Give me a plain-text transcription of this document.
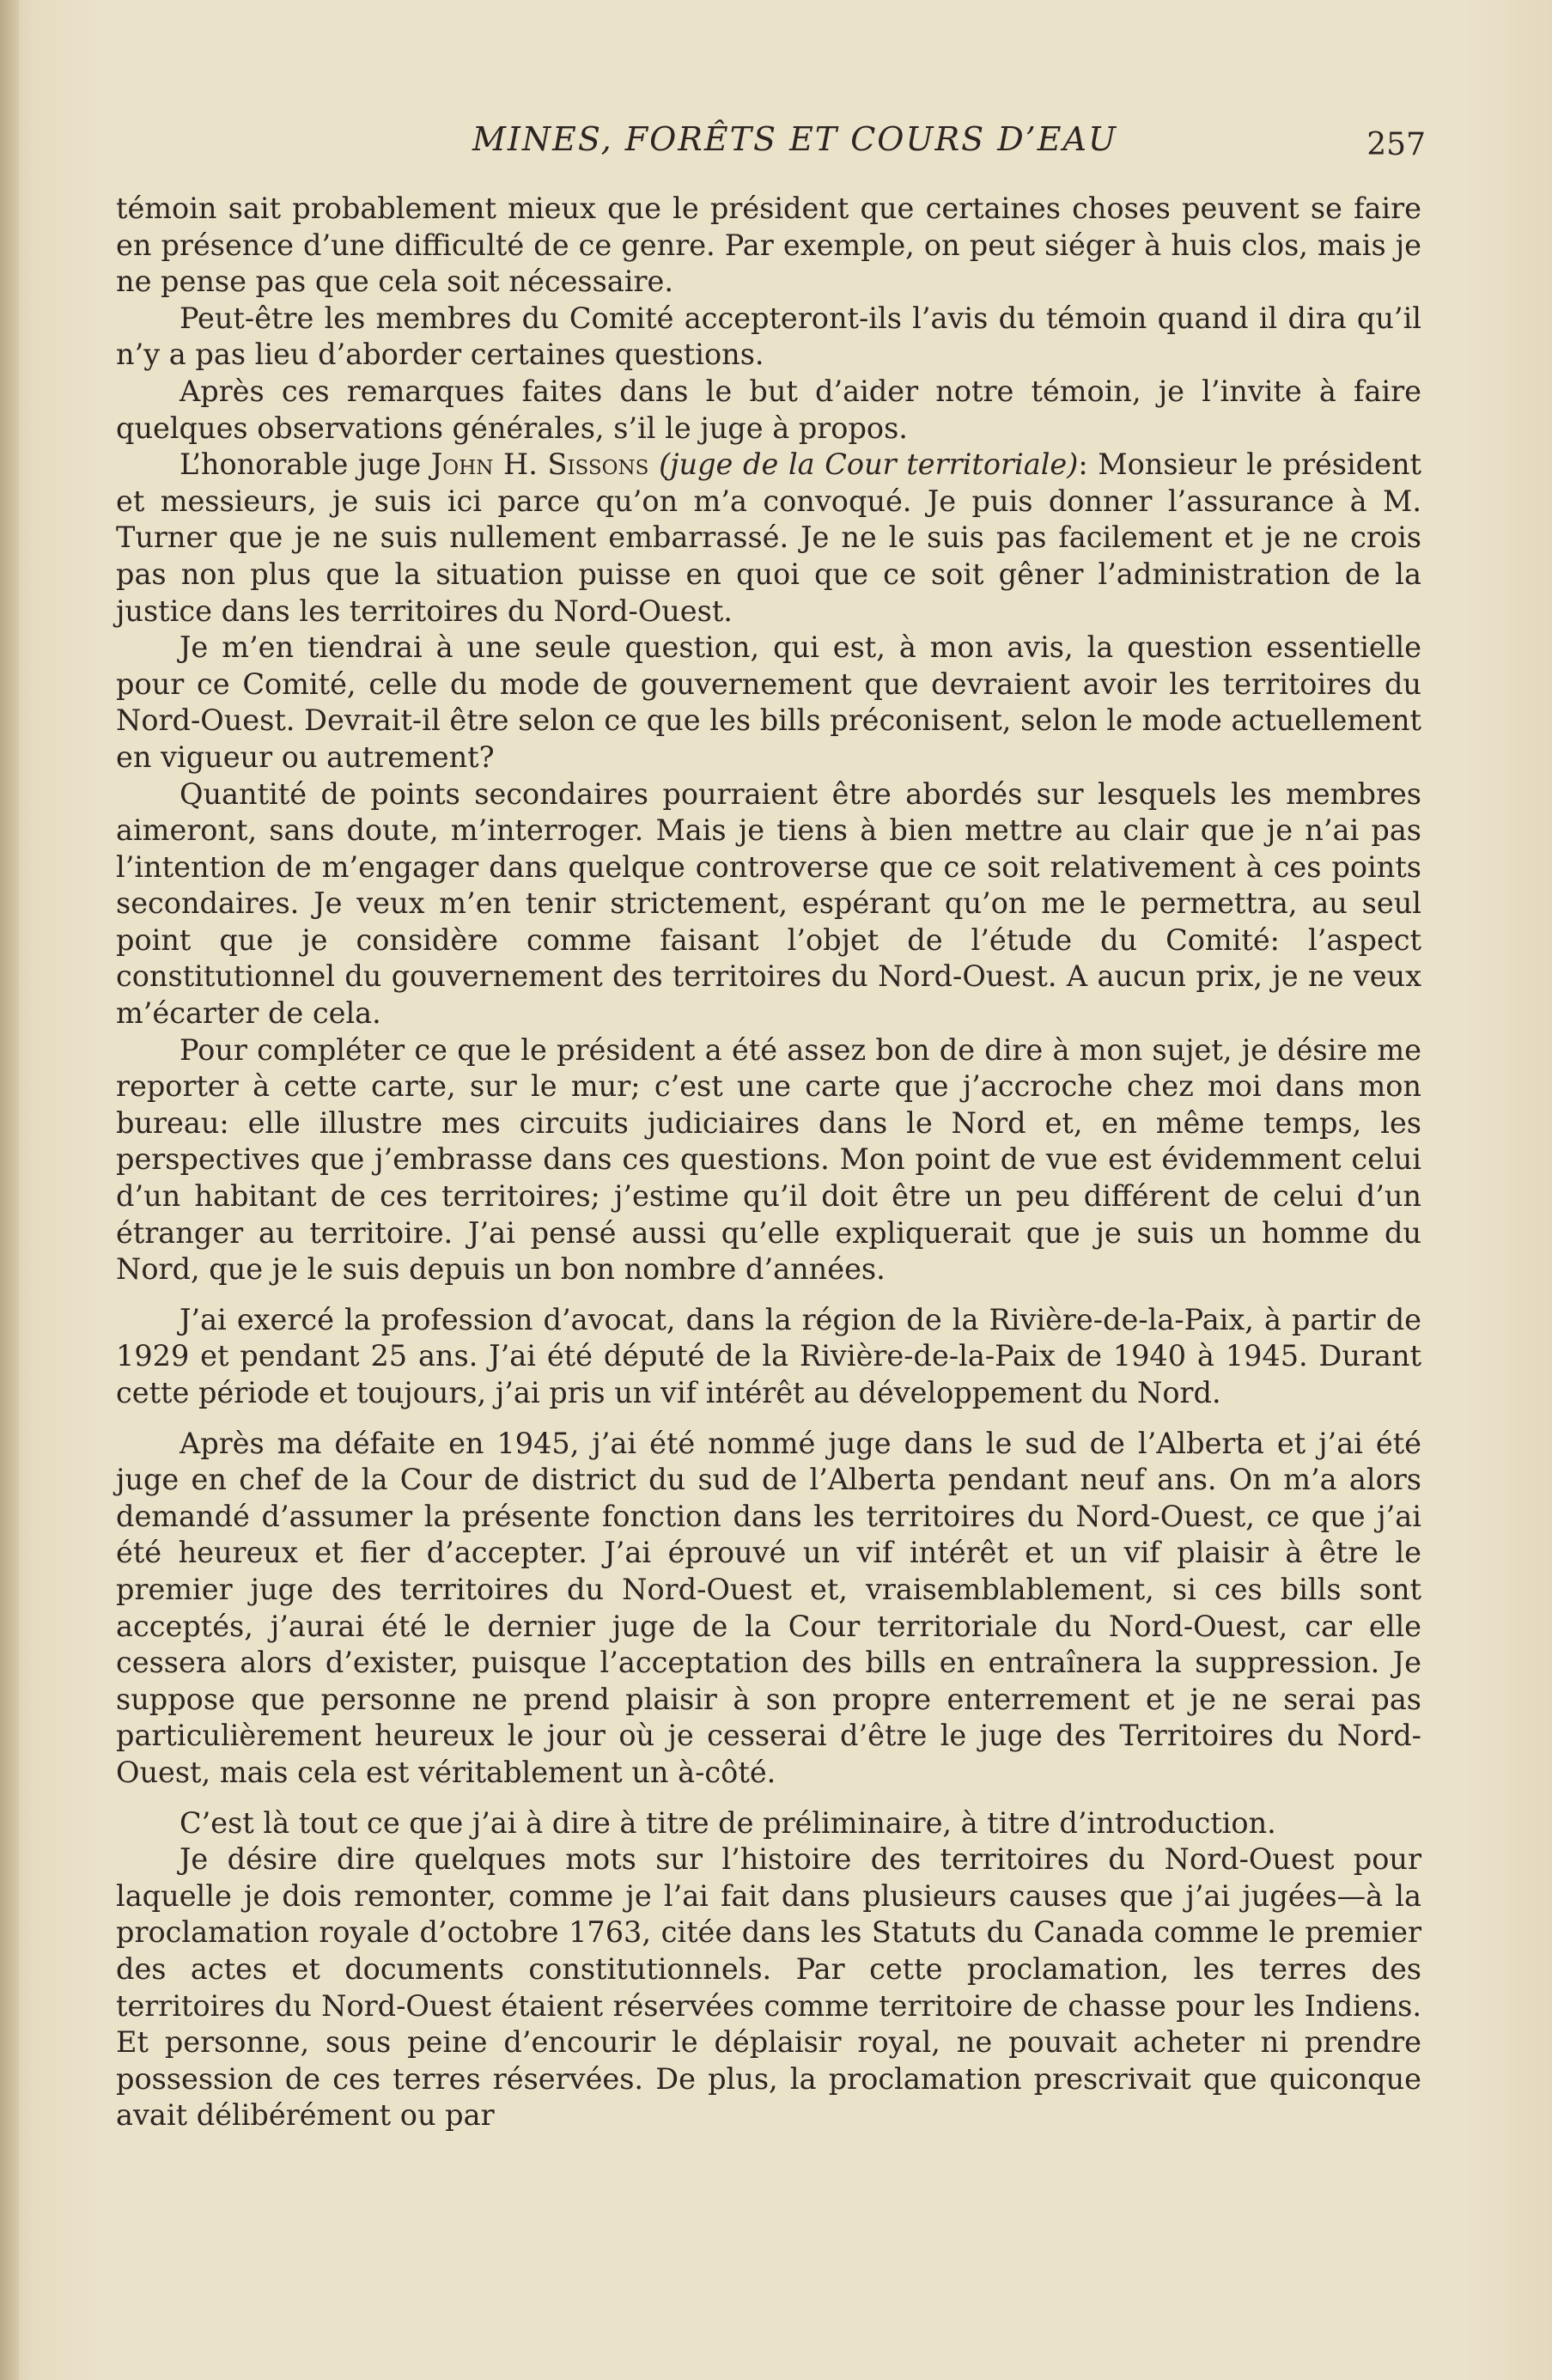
MINES, FORÊTS ET COURS D’EAU	257

témoin sait probablement mieux que le président que certaines choses peuvent se faire en présence d’une difficulté de ce genre. Par exemple, on peut siéger à huis clos, mais je ne pense pas que cela soit nécessaire.

Peut-être les membres du Comité accepteront-ils l’avis du témoin quand il dira qu’il n’y a pas lieu d’aborder certaines questions.

Après ces remarques faites dans le but d’aider notre témoin, je l’invite à faire quelques observations générales, s’il le juge à propos.

L’honorable juge John H. Sissons (juge de la Cour territoriale): Monsieur le président et messieurs, je suis ici parce qu’on m’a convoqué. Je puis donner l’assurance à M. Turner que je ne suis nullement embarrassé. Je ne le suis pas facilement et je ne crois pas non plus que la situation puisse en quoi que ce soit gêner l’administration de la justice dans les territoires du Nord-Ouest.

Je m’en tiendrai à une seule question, qui est, à mon avis, la question essentielle pour ce Comité, celle du mode de gouvernement que devraient avoir les territoires du Nord-Ouest. Devrait-il être selon ce que les bills préconisent, selon le mode actuellement en vigueur ou autrement?

Quantité de points secondaires pourraient être abordés sur lesquels les membres aimeront, sans doute, m’interroger. Mais je tiens à bien mettre au clair que je n’ai pas l’intention de m’engager dans quelque controverse que ce soit relativement à ces points secondaires. Je veux m’en tenir strictement, espérant qu’on me le permettra, au seul point que je considère comme faisant l’objet de l’étude du Comité: l’aspect constitutionnel du gouvernement des territoires du Nord-Ouest. A aucun prix, je ne veux m’écarter de cela.

Pour compléter ce que le président a été assez bon de dire à mon sujet, je désire me reporter à cette carte, sur le mur; c’est une carte que j’accroche chez moi dans mon bureau: elle illustre mes circuits judiciaires dans le Nord et, en même temps, les perspectives que j’embrasse dans ces questions. Mon point de vue est évidemment celui d’un habitant de ces territoires; j’estime qu’il doit être un peu différent de celui d’un étranger au territoire. J’ai pensé aussi qu’elle expliquerait que je suis un homme du Nord, que je le suis depuis un bon nombre d’années.

J’ai exercé la profession d’avocat, dans la région de la Rivière-de-la-Paix, à partir de 1929 et pendant 25 ans. J’ai été député de la Rivière-de-la-Paix de 1940 à 1945. Durant cette période et toujours, j’ai pris un vif intérêt au développement du Nord.

Après ma défaite en 1945, j’ai été nommé juge dans le sud de l’Alberta et j’ai été juge en chef de la Cour de district du sud de l’Alberta pendant neuf ans. On m’a alors demandé d’assumer la présente fonction dans les territoires du Nord-Ouest, ce que j’ai été heureux et fier d’accepter. J’ai éprouvé un vif intérêt et un vif plaisir à être le premier juge des territoires du Nord-Ouest et, vraisemblablement, si ces bills sont acceptés, j’aurai été le dernier juge de la Cour territoriale du Nord-Ouest, car elle cessera alors d’exister, puisque l’acceptation des bills en entraînera la suppression. Je suppose que personne ne prend plaisir à son propre enterrement et je ne serai pas particulièrement heureux le jour où je cesserai d’être le juge des Territoires du Nord-Ouest, mais cela est véritablement un à-côté.

C’est là tout ce que j’ai à dire à titre de préliminaire, à titre d’introduction.

Je désire dire quelques mots sur l’histoire des territoires du Nord-Ouest pour laquelle je dois remonter, comme je l’ai fait dans plusieurs causes que j’ai jugées—à la proclamation royale d’octobre 1763, citée dans les Statuts du Canada comme le premier des actes et documents constitutionnels. Par cette proclamation, les terres des territoires du Nord-Ouest étaient réservées comme territoire de chasse pour les Indiens. Et personne, sous peine d’encourir le déplaisir royal, ne pouvait acheter ni prendre possession de ces terres réservées. De plus, la proclamation prescrivait que quiconque avait délibérément ou par
